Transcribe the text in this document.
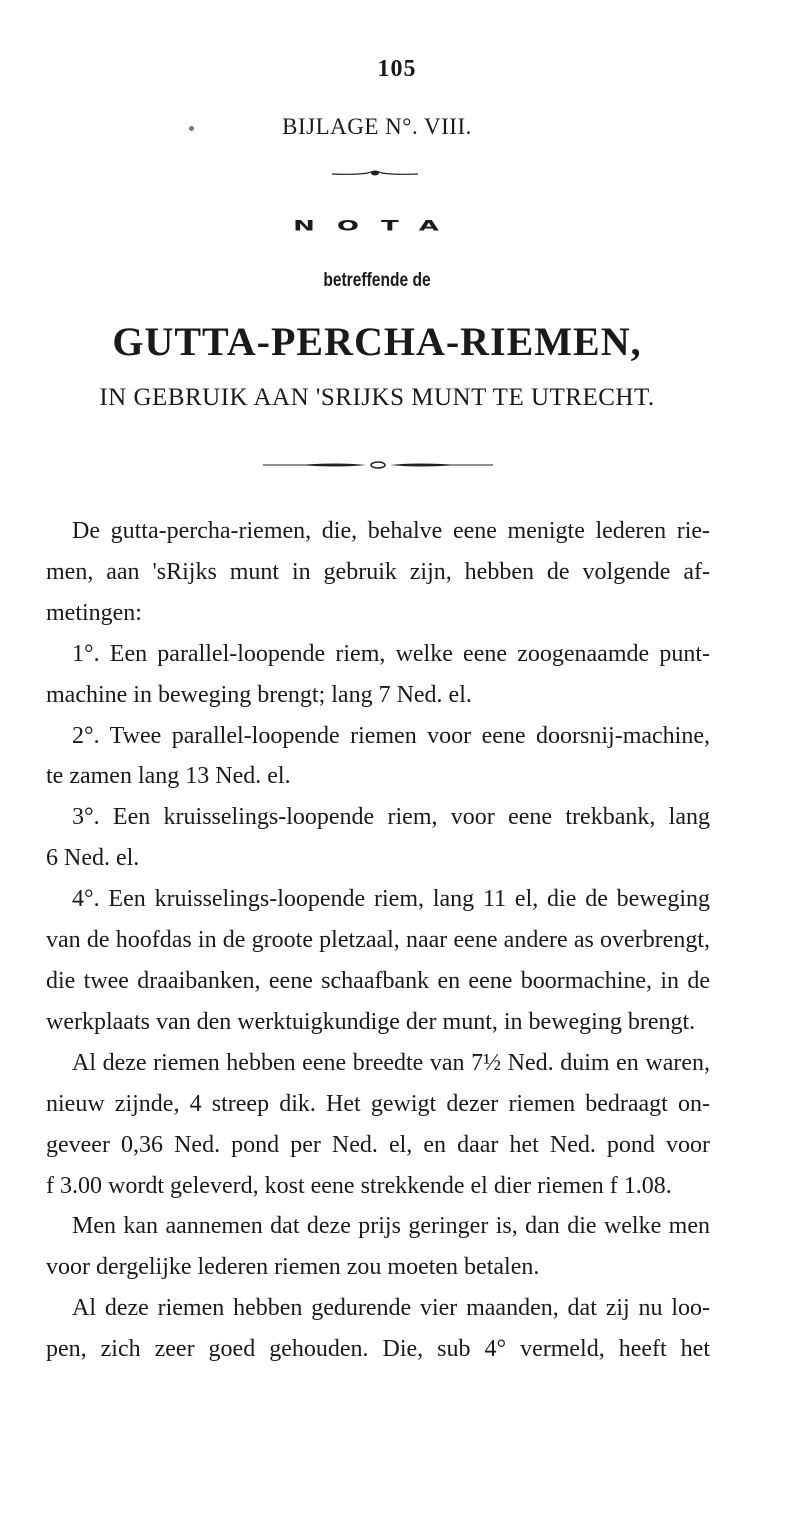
105
BIJLAGE N°. VIII.
NOTA
betreffende de
GUTTA-PERCHA-RIEMEN,
IN GEBRUIK AAN 'SRIJKS MUNT TE UTRECHT.

De gutta-percha-riemen, die, behalve eene menigte lederen rie-

men, aan 'sRijks munt in gebruik zijn, hebben de volgende af-

metingen:

1°. Een parallel-loopende riem, welke eene zoogenaamde punt-

machine in beweging brengt; lang 7 Ned. el.

2°. Twee parallel-loopende riemen voor eene doorsnij-machine,

te zamen lang 13 Ned. el.

3°. Een kruisselings-loopende riem, voor eene trekbank, lang

6 Ned. el.

4°. Een kruisselings-loopende riem, lang 11 el, die de beweging

van de hoofdas in de groote pletzaal, naar eene andere as overbrengt,

die twee draaibanken, eene schaafbank en eene boormachine, in de

werkplaats van den werktuigkundige der munt, in beweging brengt.

Al deze riemen hebben eene breedte van 7½ Ned. duim en waren,

nieuw zijnde, 4 streep dik. Het gewigt dezer riemen bedraagt on-

geveer 0,36 Ned. pond per Ned. el, en daar het Ned. pond voor

f 3.00 wordt geleverd, kost eene strekkende el dier riemen f 1.08.

Men kan aannemen dat deze prijs geringer is, dan die welke men

voor dergelijke lederen riemen zou moeten betalen.

Al deze riemen hebben gedurende vier maanden, dat zij nu loo-

pen, zich zeer goed gehouden. Die, sub 4° vermeld, heeft het
